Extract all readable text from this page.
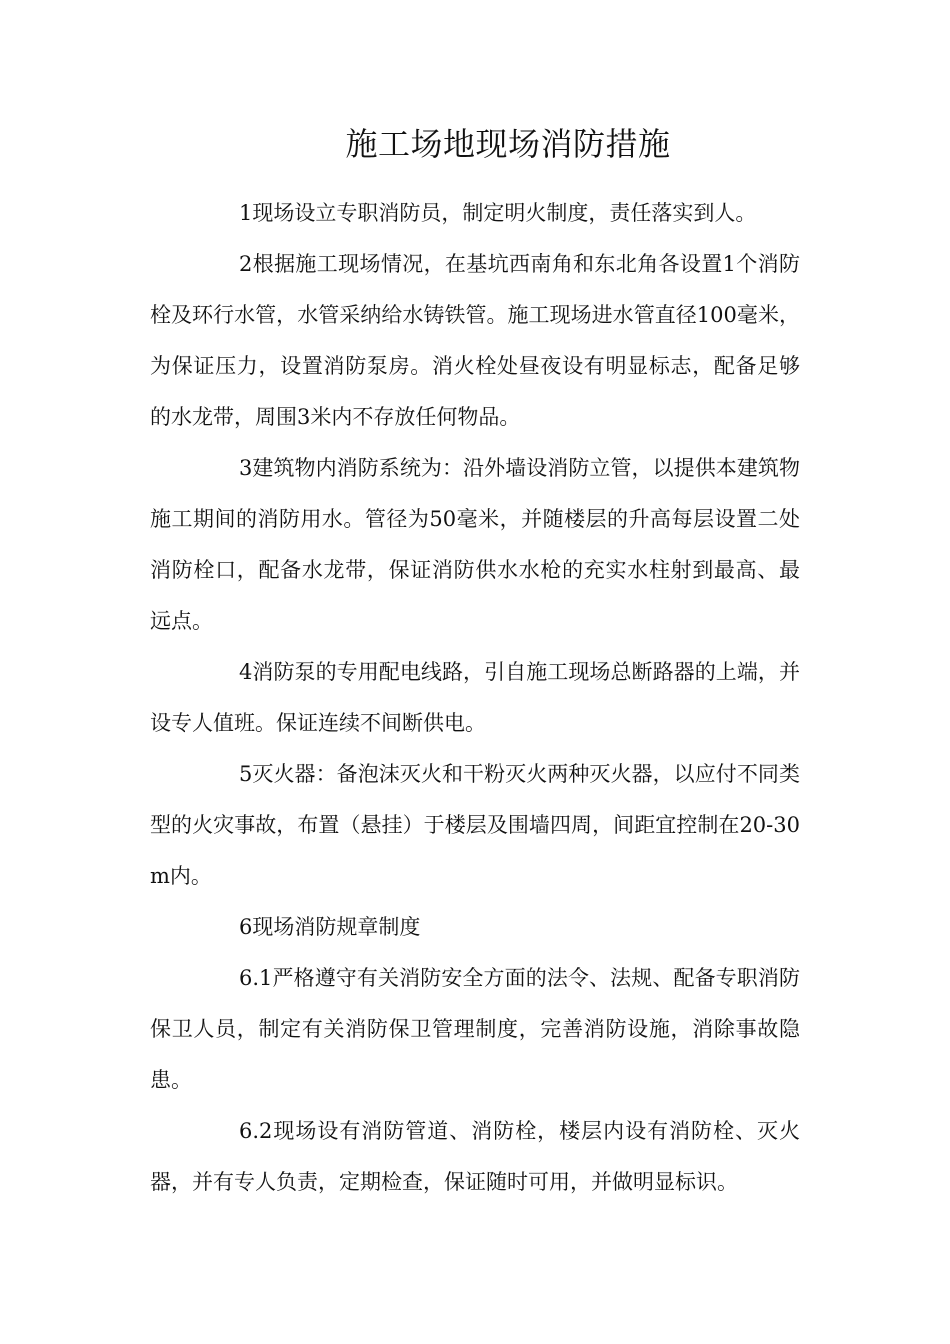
施工场地现场消防措施

1现场设立专职消防员，制定明火制度，责任落实到人。

2根据施工现场情况，在基坑西南角和东北角各设置1个消防栓及环行水管，水管采纳给水铸铁管。施工现场进水管直径100毫米，为保证压力，设置消防泵房。消火栓处昼夜设有明显标志，配备足够的水龙带，周围3米内不存放任何物品。

3建筑物内消防系统为：沿外墙设消防立管，以提供本建筑物施工期间的消防用水。管径为50毫米，并随楼层的升高每层设置二处消防栓口，配备水龙带，保证消防供水水枪的充实水柱射到最高、最远点。

4消防泵的专用配电线路，引自施工现场总断路器的上端，并设专人值班。保证连续不间断供电。

5灭火器：备泡沫灭火和干粉灭火两种灭火器，以应付不同类型的火灾事故，布置（悬挂）于楼层及围墙四周，间距宜控制在20-30m内。

6现场消防规章制度

6.1严格遵守有关消防安全方面的法令、法规、配备专职消防保卫人员，制定有关消防保卫管理制度，完善消防设施，消除事故隐患。

6.2现场设有消防管道、消防栓，楼层内设有消防栓、灭火器，并有专人负责，定期检查，保证随时可用，并做明显标识。
